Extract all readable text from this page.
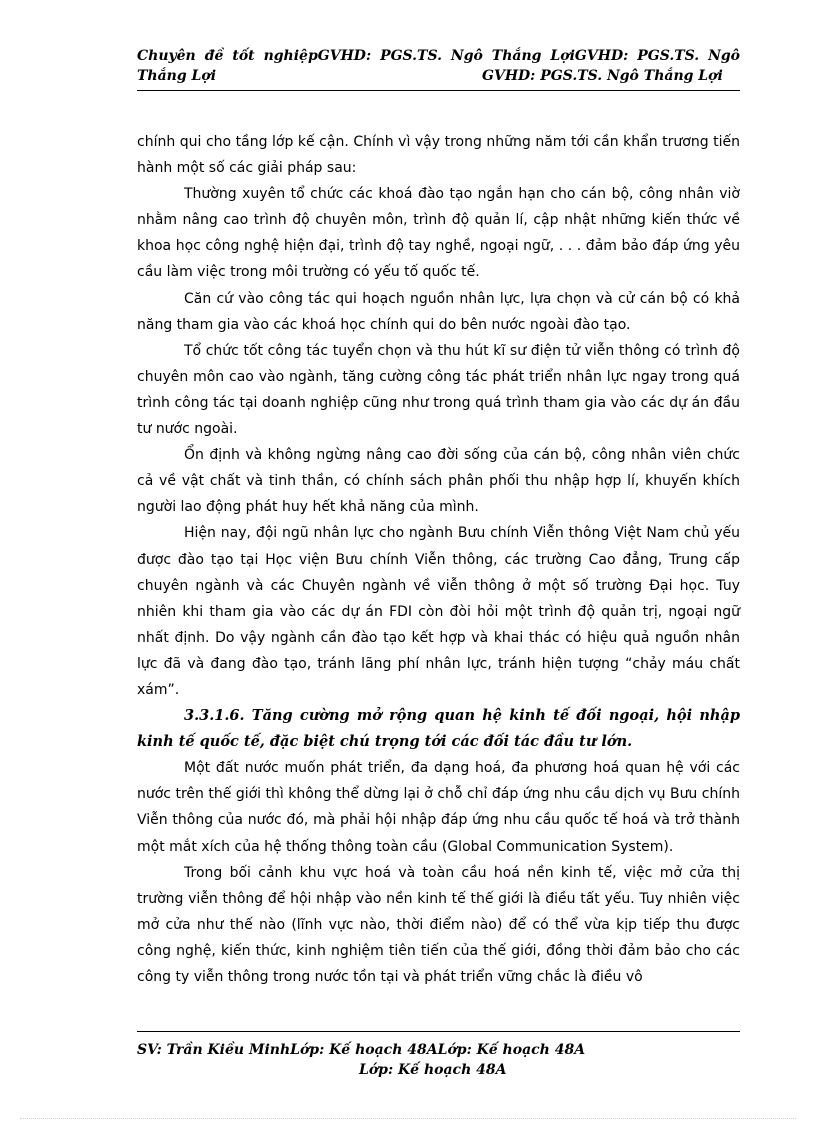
Chuyên đề tốt nghiệpGVHD: PGS.TS. Ngô Thắng LợiGVHD: PGS.TS. Ngô
Thắng Lợi	GVHD: PGS.TS. Ngô Thắng Lợi

chính qui cho tầng lớp kế cận. Chính vì vậy trong những năm tới cần khẩn trương tiến hành một số các giải pháp sau:

Thường xuyên tổ chức các khoá đào tạo ngắn hạn cho cán bộ, công nhân viờ nhằm nâng cao trình độ chuyên môn, trình độ quản lí, cập nhật những kiến thức về khoa học công nghệ hiện đại, trình độ tay nghề, ngoại ngữ, . . . đảm bảo đáp ứng yêu cầu làm việc trong môi trường có yếu tố quốc tế.

Căn cứ vào công tác qui hoạch nguồn nhân lực, lựa chọn và cử cán bộ có khả năng tham gia vào các khoá học chính qui do bên nước ngoài đào tạo.

Tổ chức tốt công tác tuyển chọn và thu hút kĩ sư điện tử viễn thông có trình độ chuyên môn cao vào ngành, tăng cường công tác phát triển nhân lực ngay trong quá trình công tác tại doanh nghiệp cũng như trong quá trình tham gia vào các dự án đầu tư nước ngoài.

Ổn định và không ngừng nâng cao đời sống của cán bộ, công nhân viên chức cả về vật chất và tinh thần, có chính sách phân phối thu nhập hợp lí, khuyến khích người lao động phát huy hết khả năng của mình.

Hiện nay, đội ngũ nhân lực cho ngành Bưu chính Viễn thông Việt Nam chủ yếu được đào tạo tại Học viện Bưu chính Viễn thông, các trường Cao đẳng, Trung cấp chuyên ngành và các Chuyên ngành về viễn thông ở một số trường Đại học. Tuy nhiên khi tham gia vào các dự án FDI còn đòi hỏi một trình độ quản trị, ngoại ngữ nhất định. Do vậy ngành cần đào tạo kết hợp và khai thác có hiệu quả nguồn nhân lực đã và đang đào tạo, tránh lãng phí nhân lực, tránh hiện tượng “chảy máu chất xám”.

3.3.1.6. Tăng cường mở rộng quan hệ kinh tế đối ngoại, hội nhập kinh tế quốc tế, đặc biệt chú trọng tới các đối tác đầu tư lớn.

Một đất nước muốn phát triển, đa dạng hoá, đa phương hoá quan hệ với các nước trên thế giới thì không thể dừng lại ở chỗ chỉ đáp ứng nhu cầu dịch vụ Bưu chính Viễn thông của nước đó, mà phải hội nhập đáp ứng nhu cầu quốc tế hoá và trở thành một mắt xích của hệ thống thông toàn cầu (Global Communication System).

Trong bối cảnh khu vực hoá và toàn cầu hoá nền kinh tế, việc mở cửa thị trường viễn thông để hội nhập vào nền kinh tế thế giới là điều tất yếu. Tuy nhiên việc mở cửa như thế nào (lĩnh vực nào, thời điểm nào) để có thể vừa kịp tiếp thu được công nghệ, kiến thức, kinh nghiệm tiên tiến của thế giới, đồng thời đảm bảo cho các công ty viễn thông trong nước tồn tại và phát triển vững chắc là điều vô

SV: Trần Kiều MinhLớp: Kế hoạch 48ALớp: Kế hoạch 48A
Lớp: Kế hoạch 48A
